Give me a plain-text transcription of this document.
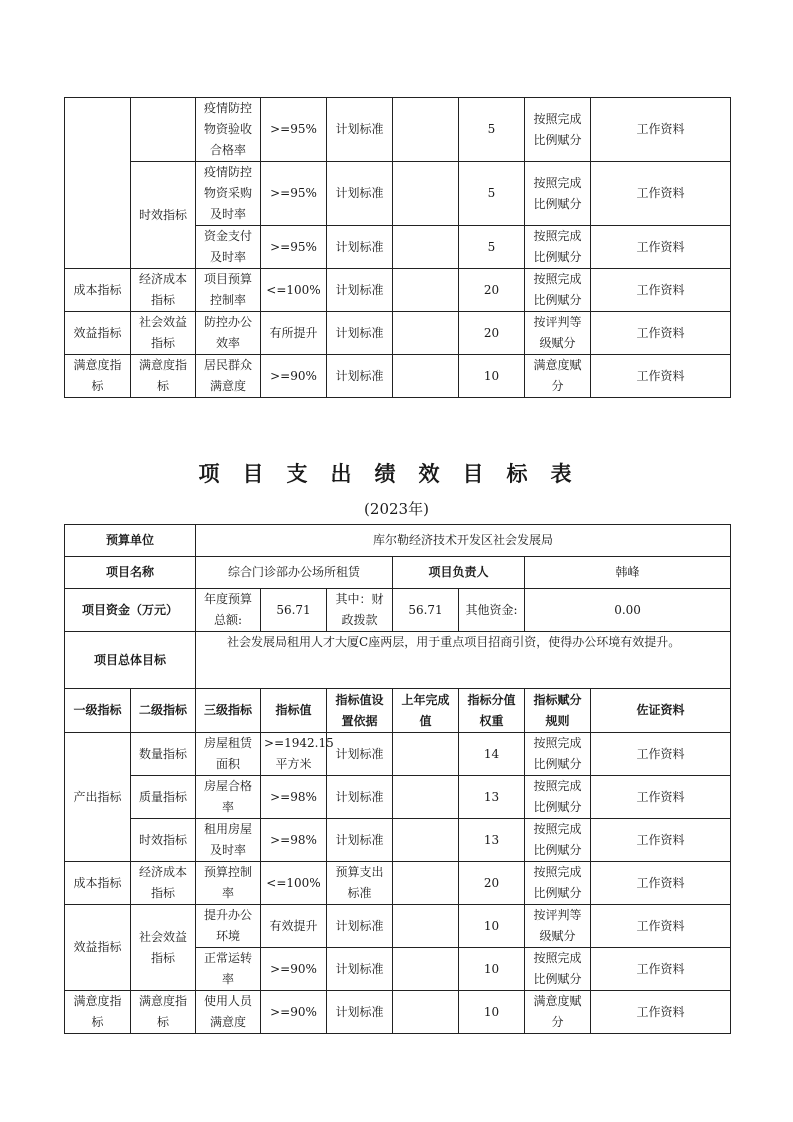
		疫情防控物资验收合格率	>=95%	计划标准		5	按照完成比例赋分	工作资料
	时效指标	疫情防控物资采购及时率	>=95%	计划标准		5	按照完成比例赋分	工作资料
		资金支付及时率	>=95%	计划标准		5	按照完成比例赋分	工作资料
成本指标	经济成本指标	项目预算控制率	<=100%	计划标准		20	按照完成比例赋分	工作资料
效益指标	社会效益指标	防控办公效率	有所提升	计划标准		20	按评判等级赋分	工作资料
满意度指标	满意度指标	居民群众满意度	>=90%	计划标准		10	满意度赋分	工作资料
项目支出绩效目标表
(2023年)
预算单位		库尔勒经济技术开发区社会发展局						
项目名称		综合门诊部办公场所租赁			项目负责人		韩峰	
项目资金（万元）		年度预算总额:	56.71	其中：财政拨款	56.71	其他资金:	0.00	
项目总体目标		社会发展局租用人才大厦C座两层，用于重点项目招商引资，使得办公环境有效提升。						
一级指标	二级指标	三级指标	指标值	指标值设置依据	上年完成值	指标分值权重	指标赋分规则	佐证资料
产出指标	数量指标	房屋租赁面积	>=1942.15平方米	计划标准		14	按照完成比例赋分	工作资料
	质量指标	房屋合格率	>=98%	计划标准		13	按照完成比例赋分	工作资料
	时效指标	租用房屋及时率	>=98%	计划标准		13	按照完成比例赋分	工作资料
成本指标	经济成本指标	预算控制率	<=100%	预算支出标准		20	按照完成比例赋分	工作资料
效益指标	社会效益指标	提升办公环境	有效提升	计划标准		10	按评判等级赋分	工作资料
		正常运转率	>=90%	计划标准		10	按照完成比例赋分	工作资料
满意度指标	满意度指标	使用人员满意度	>=90%	计划标准		10	满意度赋分	工作资料
